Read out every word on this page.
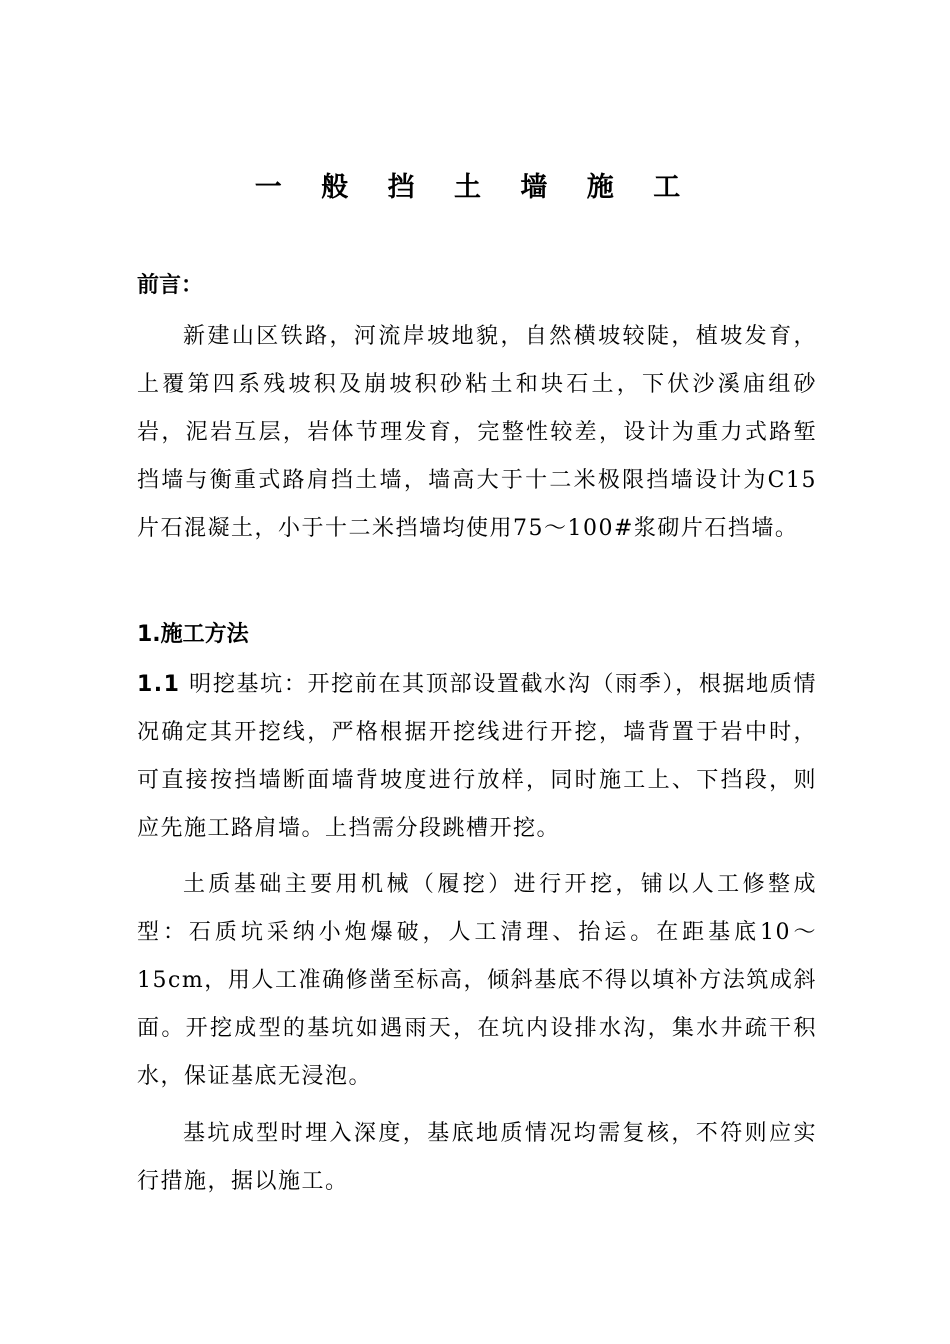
一 般 挡 土 墙 施 工
前言：
新建山区铁路，河流岸坡地貌，自然横坡较陡，植坡发育，上覆第四系残坡积及崩坡积砂粘土和块石土，下伏沙溪庙组砂岩，泥岩互层，岩体节理发育，完整性较差，设计为重力式路堑挡墙与衡重式路肩挡土墙，墙高大于十二米极限挡墙设计为C15片石混凝土，小于十二米挡墙均使用75～100#浆砌片石挡墙。
1.施工方法
1.1 明挖基坑：开挖前在其顶部设置截水沟（雨季），根据地质情况确定其开挖线，严格根据开挖线进行开挖，墙背置于岩中时，可直接按挡墙断面墙背坡度进行放样，同时施工上、下挡段，则应先施工路肩墙。上挡需分段跳槽开挖。
土质基础主要用机械（履挖）进行开挖，铺以人工修整成型：石质坑采纳小炮爆破，人工清理、抬运。在距基底10～15cm，用人工准确修凿至标高，倾斜基底不得以填补方法筑成斜面。开挖成型的基坑如遇雨天，在坑内设排水沟，集水井疏干积水，保证基底无浸泡。
基坑成型时埋入深度，基底地质情况均需复核，不符则应实行措施，据以施工。
